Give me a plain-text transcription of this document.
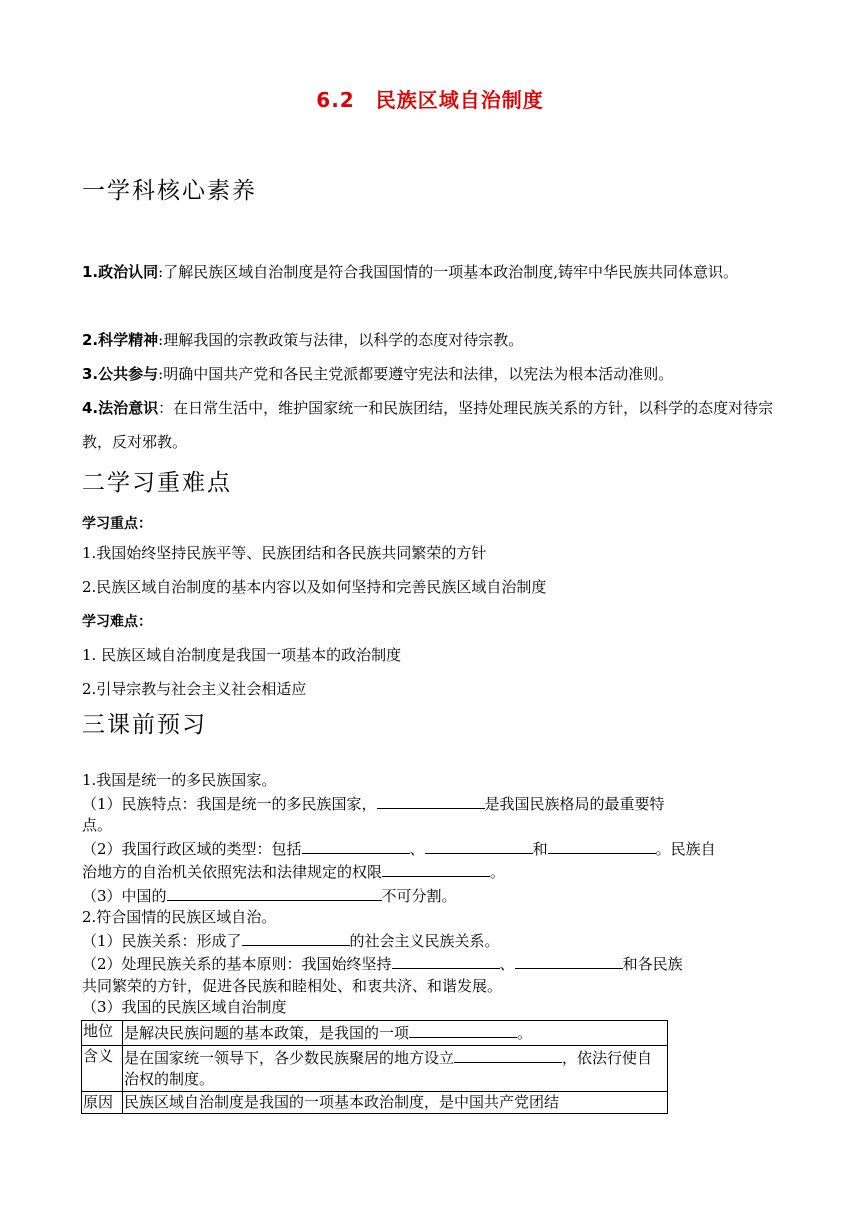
6.2　民族区域自治制度
一学科核心素养
1.政治认同:了解民族区域自治制度是符合我国国情的一项基本政治制度,铸牢中华民族共同体意识。
2.科学精神:理解我国的宗教政策与法律，以科学的态度对待宗教。
3.公共参与:明确中国共产党和各民主党派都要遵守宪法和法律，以宪法为根本活动准则。
4.法治意识：在日常生活中，维护国家统一和民族团结，坚持处理民族关系的方针，以科学的态度对待宗教，反对邪教。
二学习重难点
学习重点：
1.我国始终坚持民族平等、民族团结和各民族共同繁荣的方针
2.民族区域自治制度的基本内容以及如何坚持和完善民族区域自治制度
学习难点：
1. 民族区域自治制度是我国一项基本的政治制度
2.引导宗教与社会主义社会相适应
三课前预习
1.我国是统一的多民族国家。
（1）民族特点：我国是统一的多民族国家，	是我国民族格局的最重要特
点。
（2）我国行政区域的类型：包括	、	和	。民族自
治地方的自治机关依照宪法和法律规定的权限	。
（3）中国的	不可分割。
2.符合国情的民族区域自治。
（1）民族关系：形成了	的社会主义民族关系。
（2）处理民族关系的基本原则：我国始终坚持	、	和各民族
共同繁荣的方针，促进各民族和睦相处、和衷共济、和谐发展。
（3）我国的民族区域自治制度
地位	是解决民族问题的基本政策，是我国的一项 。
含义	是在国家统一领导下，各少数民族聚居的地方设立 ，依法行使自治权的制度。
原因	民族区域自治制度是我国的一项基本政治制度，是中国共产党团结
